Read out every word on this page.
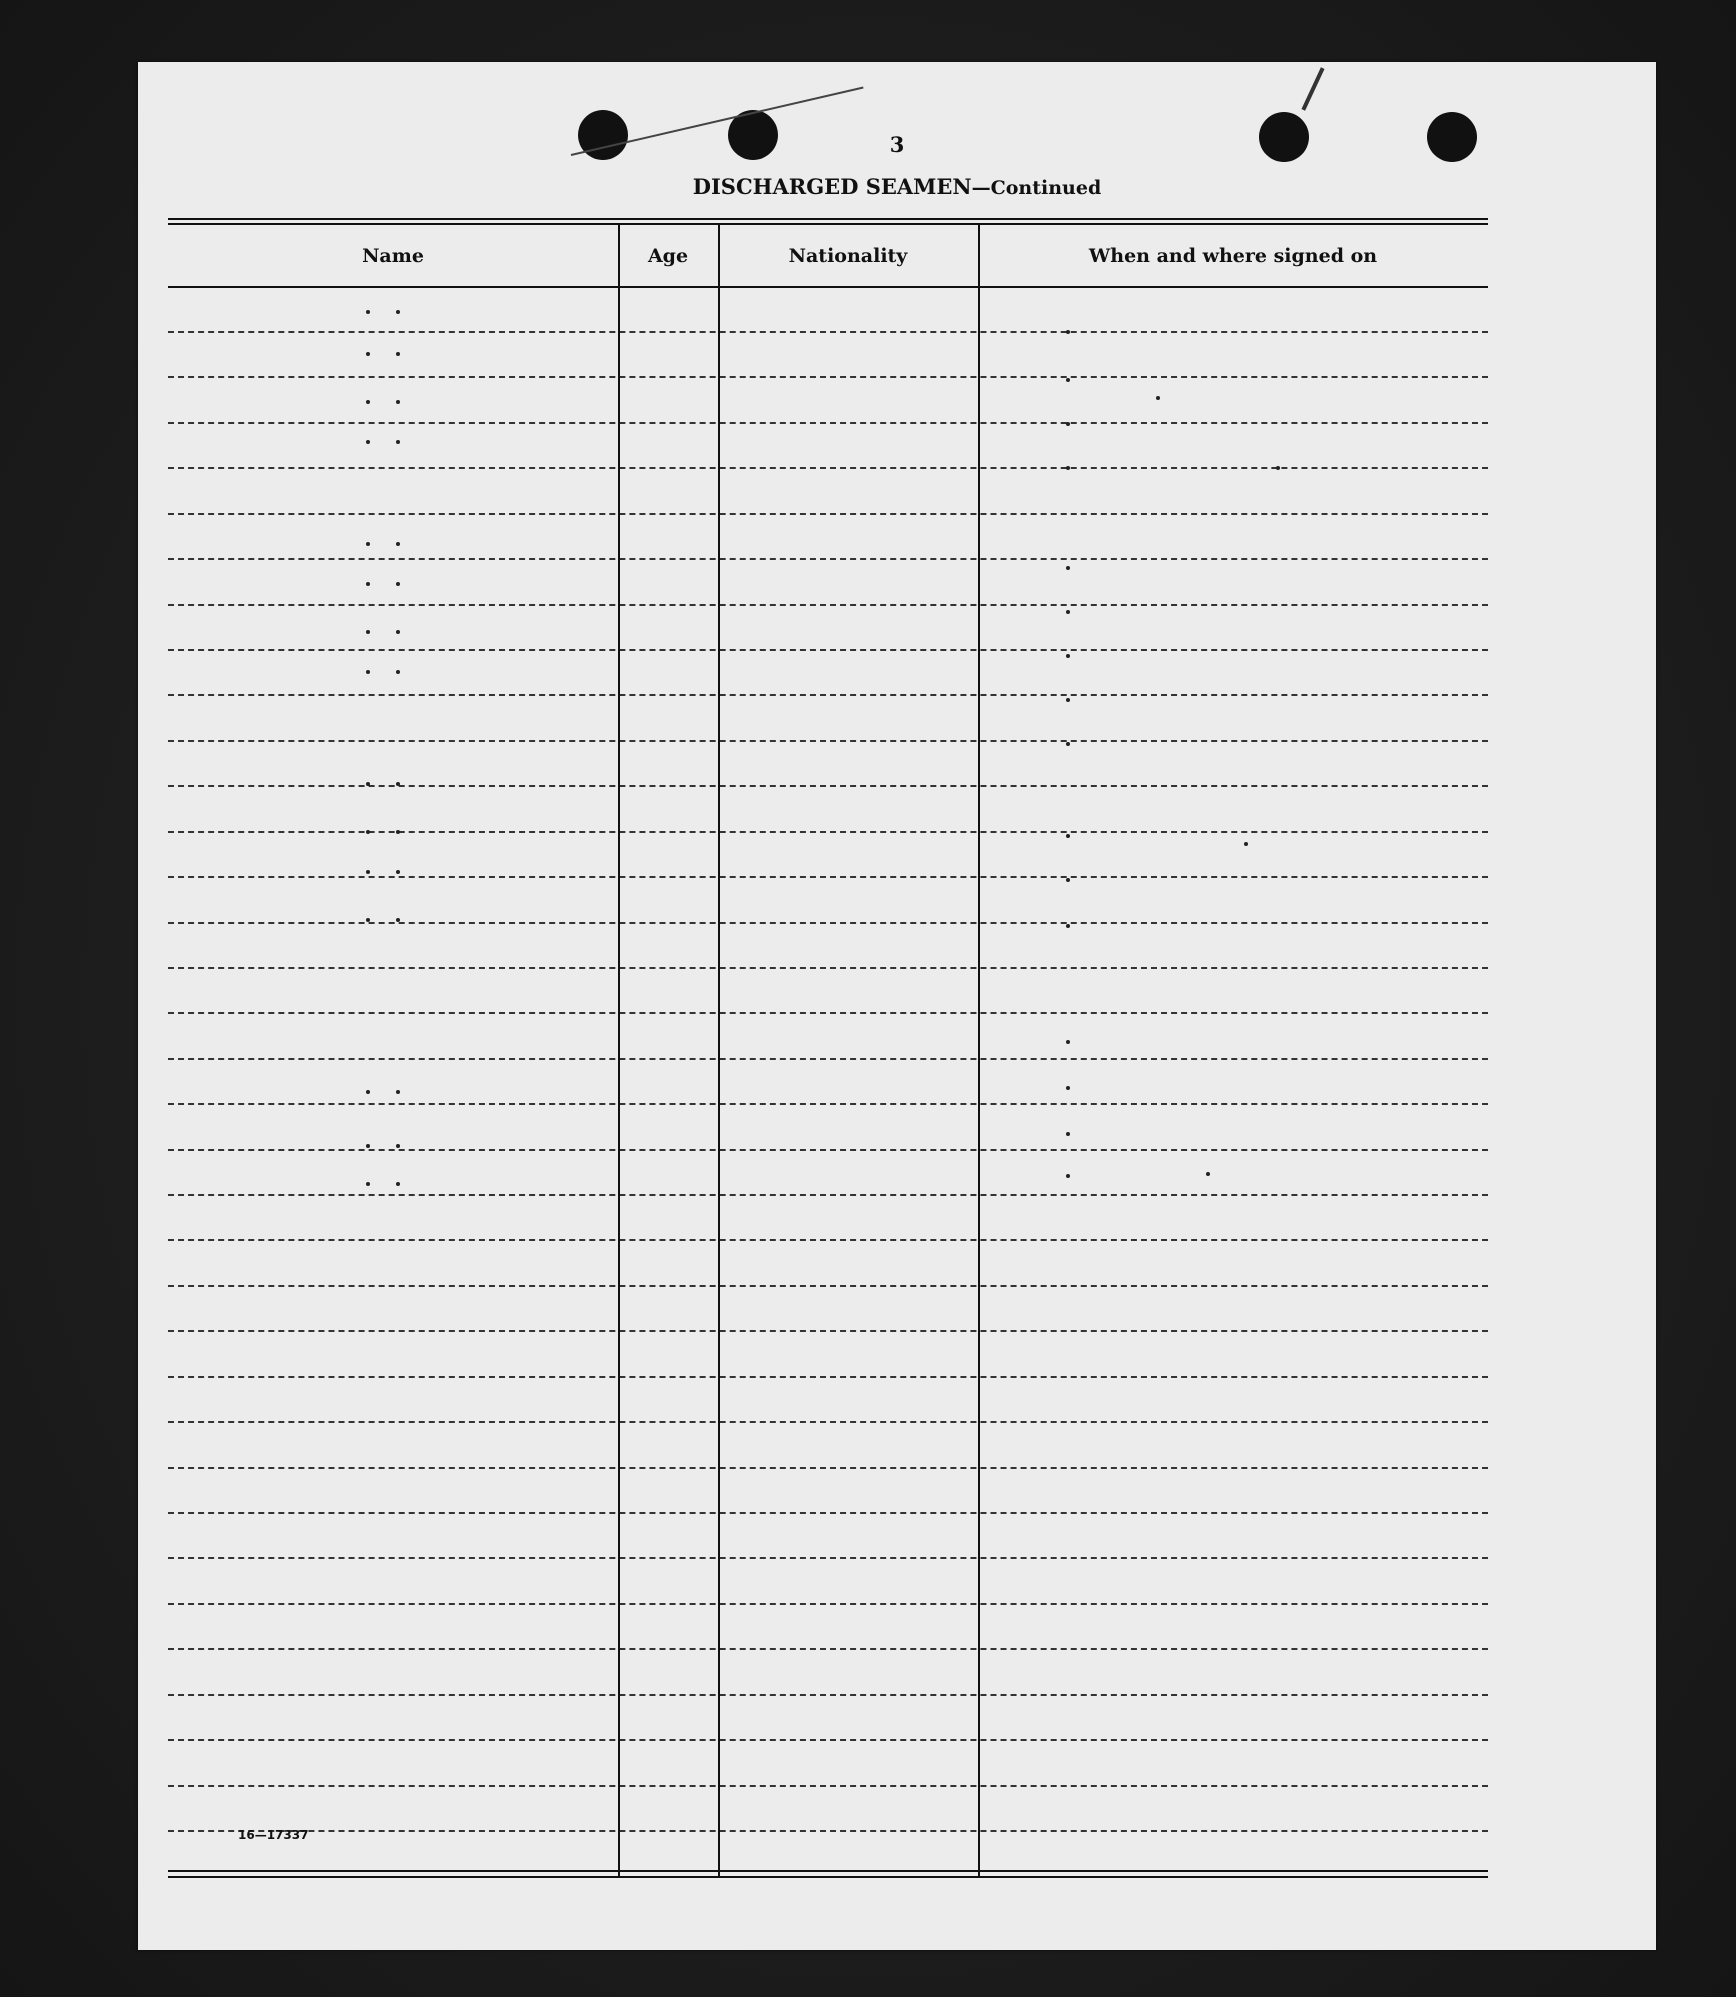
3
DISCHARGED SEAMEN—Continued
Name	Age	Nationality	When and where signed on
16—17337
